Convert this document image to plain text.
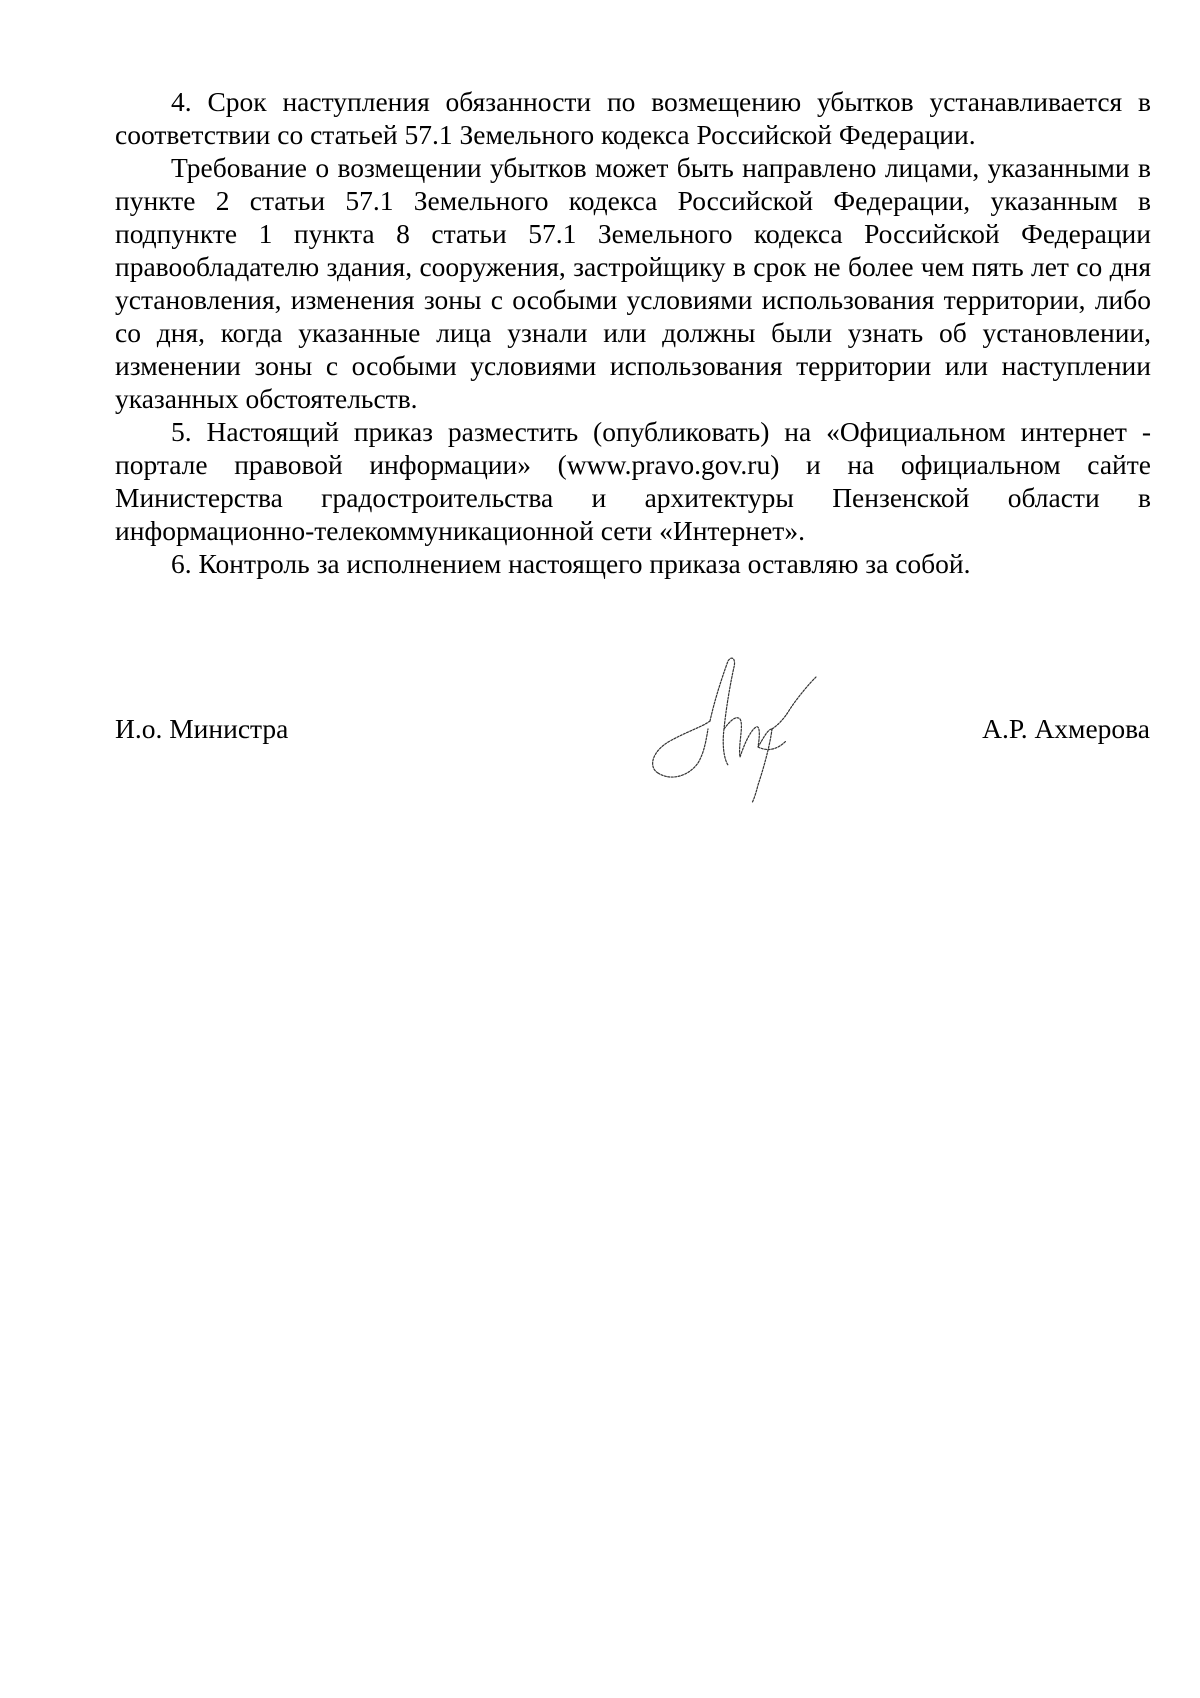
4. Срок наступления обязанности по возмещению убытков устанавливается в соответствии со статьей 57.1 Земельного кодекса Российской Федерации.

Требование о возмещении убытков может быть направлено лицами, указанными в пункте 2 статьи 57.1 Земельного кодекса Российской Федерации, указанным в подпункте 1 пункта 8 статьи 57.1 Земельного кодекса Российской Федерации правообладателю здания, сооружения, застройщику в срок не более чем пять лет со дня установления, изменения зоны с особыми условиями использования территории, либо со дня, когда указанные лица узнали или должны были узнать об установлении, изменении зоны с особыми условиями использования территории или наступлении указанных обстоятельств.

5. Настоящий приказ разместить (опубликовать) на «Официальном интернет - портале правовой информации» (www.pravo.gov.ru) и на официальном сайте Министерства градостроительства и архитектуры Пензенской области в информационно-телекоммуникационной сети «Интернет».

6. Контроль за исполнением настоящего приказа оставляю за собой.

И.о. Министра	А.Р. Ахмерова
